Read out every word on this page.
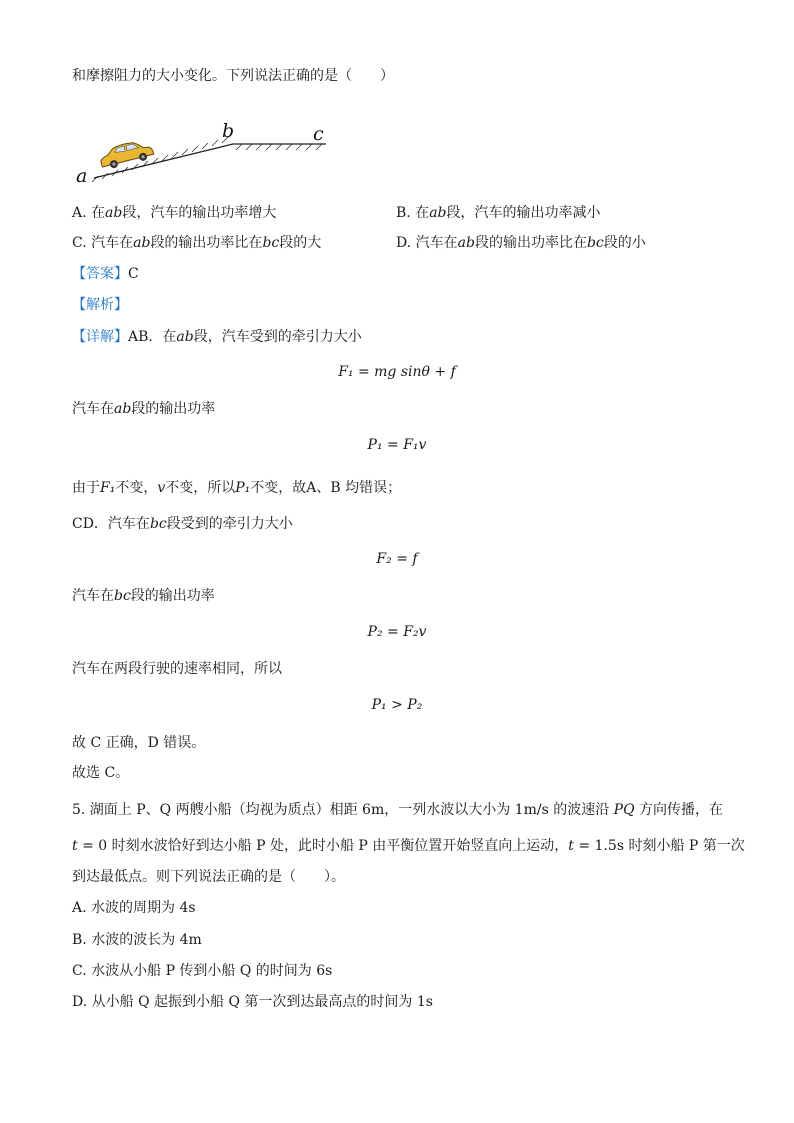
和摩擦阻力的大小变化。下列说法正确的是（　　）
a
b	c
A. 在ab段，汽车的输出功率增大	B. 在ab段，汽车的输出功率减小
C. 汽车在ab段的输出功率比在bc段的大	D. 汽车在ab段的输出功率比在bc段的小
【答案】C
【解析】
【详解】AB．在ab段，汽车受到的牵引力大小
F₁ = mg sinθ + f
汽车在ab段的输出功率
P₁ = F₁v
由于F₁不变，v不变，所以P₁不变，故A、B 均错误；
CD．汽车在bc段受到的牵引力大小
F₂ = f
汽车在bc段的输出功率
P₂ = F₂v
汽车在两段行驶的速率相同，所以
P₁ > P₂
故 C 正确，D 错误。
故选 C。
5. 湖面上 P、Q 两艘小船（均视为质点）相距 6m，一列水波以大小为 1m/s 的波速沿 PQ 方向传播，在
t = 0 时刻水波恰好到达小船 P 处，此时小船 P 由平衡位置开始竖直向上运动，t = 1.5s 时刻小船 P 第一次
到达最低点。则下列说法正确的是（　　）。
A. 水波的周期为 4s
B. 水波的波长为 4m
C. 水波从小船 P 传到小船 Q 的时间为 6s
D. 从小船 Q 起振到小船 Q 第一次到达最高点的时间为 1s
